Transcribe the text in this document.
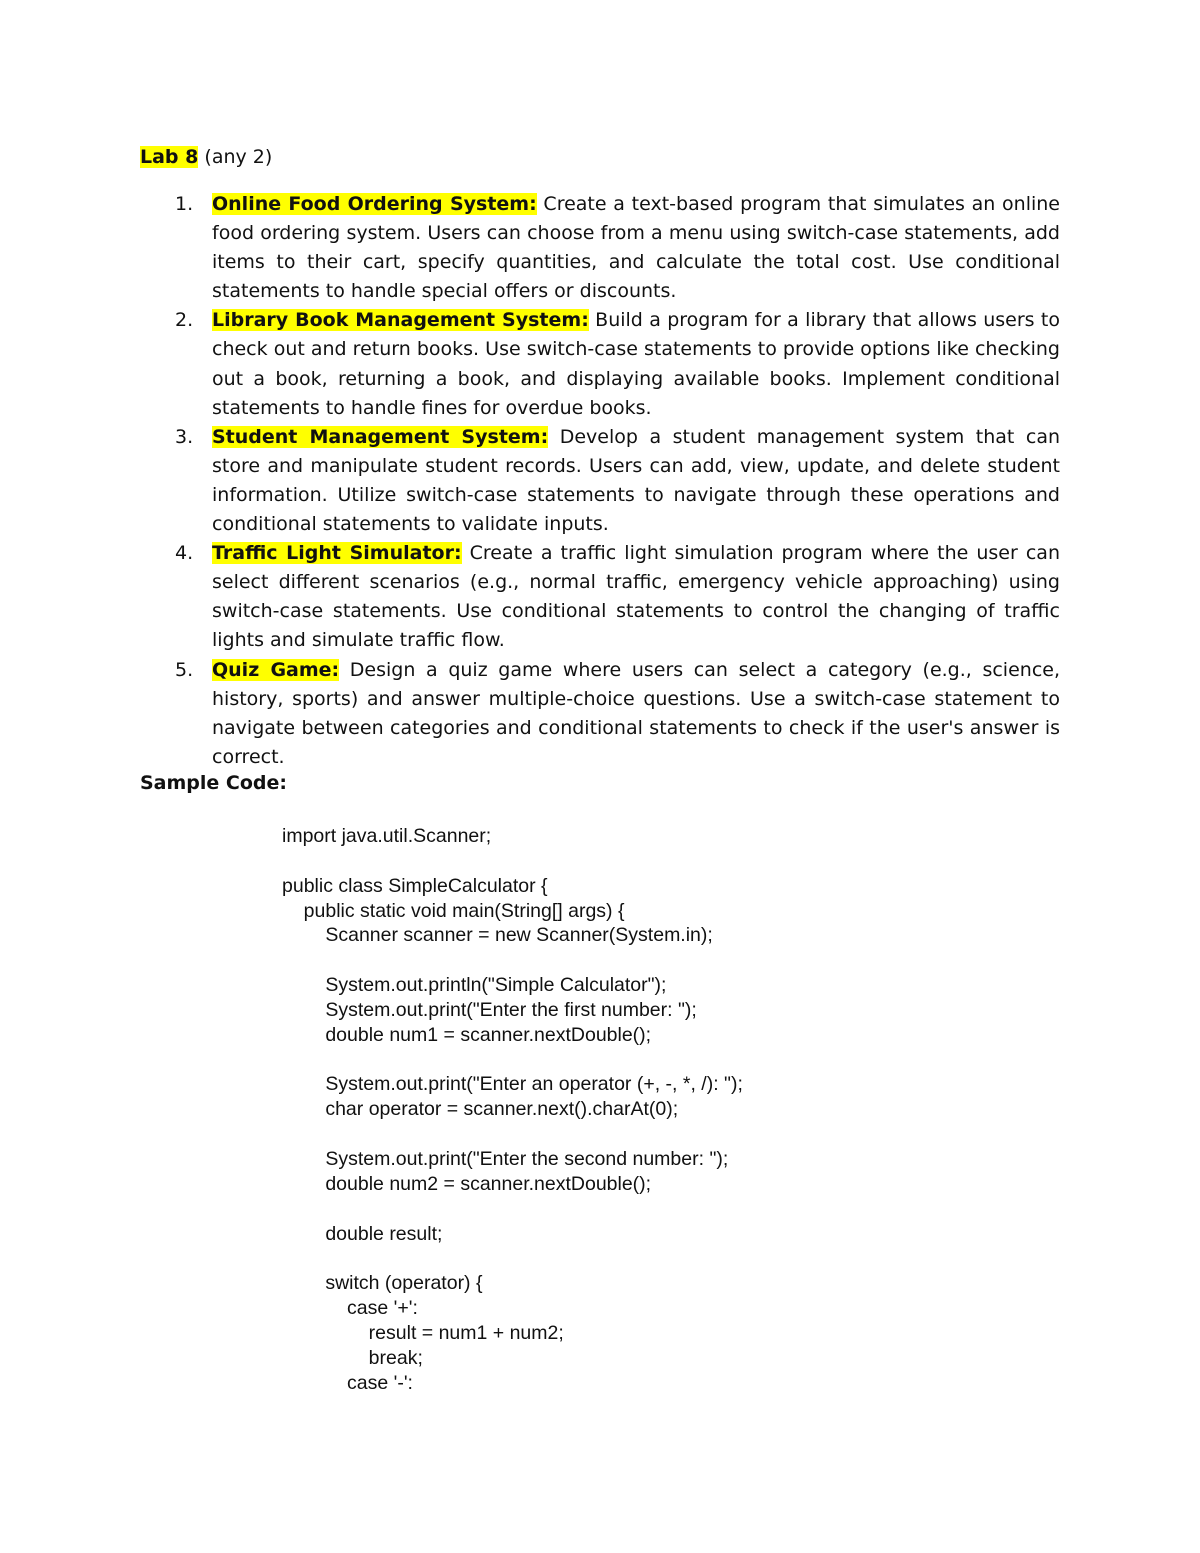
Lab 8 (any 2)

1. Online Food Ordering System: Create a text-based program that simulates an online food ordering system. Users can choose from a menu using switch-case statements, add items to their cart, specify quantities, and calculate the total cost. Use conditional statements to handle special offers or discounts.
2. Library Book Management System: Build a program for a library that allows users to check out and return books. Use switch-case statements to provide options like checking out a book, returning a book, and displaying available books. Implement conditional statements to handle fines for overdue books.
3. Student Management System: Develop a student management system that can store and manipulate student records. Users can add, view, update, and delete student information. Utilize switch-case statements to navigate through these operations and conditional statements to validate inputs.
4. Traffic Light Simulator: Create a traffic light simulation program where the user can select different scenarios (e.g., normal traffic, emergency vehicle approaching) using switch-case statements. Use conditional statements to control the changing of traffic lights and simulate traffic flow.
5. Quiz Game: Design a quiz game where users can select a category (e.g., science, history, sports) and answer multiple-choice questions. Use a switch-case statement to navigate between categories and conditional statements to check if the user's answer is correct.

Sample Code:

import java.util.Scanner;

public class SimpleCalculator {
public static void main(String[] args) {
Scanner scanner = new Scanner(System.in);

System.out.println("Simple Calculator");
System.out.print("Enter the first number: ");
double num1 = scanner.nextDouble();

System.out.print("Enter an operator (+, -, *, /): ");
char operator = scanner.next().charAt(0);

System.out.print("Enter the second number: ");
double num2 = scanner.nextDouble();

double result;

switch (operator) {
case '+':
result = num1 + num2;
break;
case '-':
